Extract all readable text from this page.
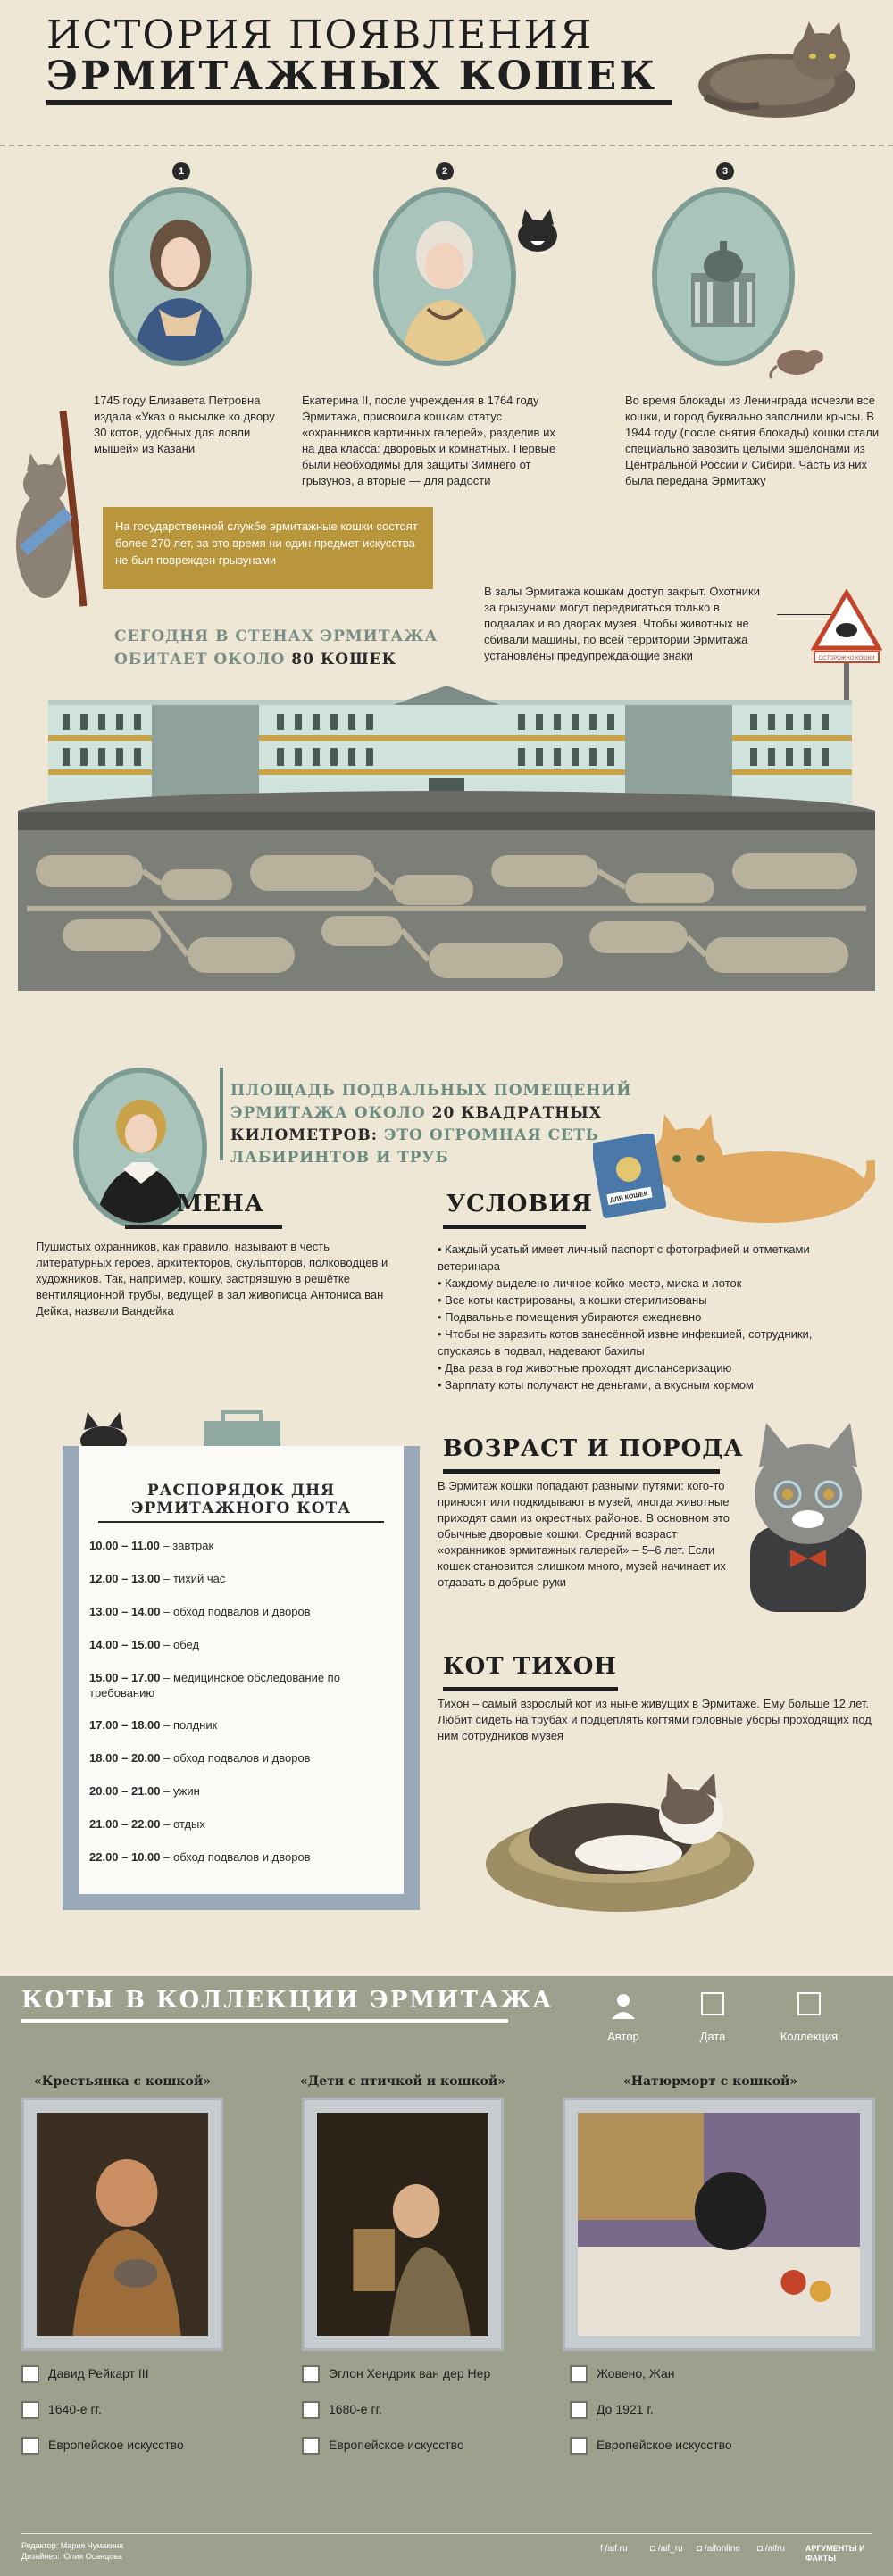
ИСТОРИЯ ПОЯВЛЕНИЯ
ЭРМИТАЖНЫХ КОШЕК
1	2	3
1745 году Елизавета Петровна издала «Указ о высылке ко двору 30 котов, удобных для ловли мышей» из Казани
Екатерина II, после учреждения в 1764 году Эрмитажа, присвоила кошкам статус «охранников картинных галерей», разделив их на два класса: дворовых и комнатных. Первые были необходимы для защиты Зимнего от грызунов, а вторые — для радости
Во время блокады из Ленинграда исчезли все кошки, и город буквально заполнили крысы. В 1944 году (после снятия блокады) кошки стали специально завозить целыми эшелонами из Центральной России и Сибири. Часть из них была передана Эрмитажу
На государственной службе эрмитажные кошки состоят более 270 лет, за это время ни один предмет искусства не был поврежден грызунами
СЕГОДНЯ В СТЕНАХ ЭРМИТАЖА
ОБИТАЕТ ОКОЛО 80 КОШЕК
В залы Эрмитажа кошкам доступ закрыт. Охотники за грызунами могут передвигаться только в подвалах и во дворах музея. Чтобы животных не сбивали машины, по всей территории Эрмитажа установлены предупреждающие знаки	ОСТОРОЖНО КОШКИ
ПЛОЩАДЬ ПОДВАЛЬНЫХ ПОМЕЩЕНИЙ
ЭРМИТАЖА ОКОЛО 20 КВАДРАТНЫХ
КИЛОМЕТРОВ: ЭТО ОГРОМНАЯ СЕТЬ
ЛАБИРИНТОВ И ТРУБ
ДЛЯ КОШЕК
ИМЕНА
Пушистых охранников, как правило, называют в честь литературных героев, архитекторов, скульпторов, полководцев и художников. Так, например, кошку, застрявшую в решётке вентиляционной трубы, ведущей в зал живописца Антониса ван Дейка, назвали Вандейка
УСЛОВИЯ
• Каждый усатый имеет личный паспорт с фотографией и отметками ветеринара
• Каждому выделено личное койко-место, миска и лоток
• Все коты кастрированы, а кошки стерилизованы
• Подвальные помещения убираются ежедневно
• Чтобы не заразить котов занесённой извне инфекцией, сотрудники, спускаясь в подвал, надевают бахилы
• Два раза в год животные проходят диспансеризацию
• Зарплату коты получают не деньгами, а вкусным кормом
РАСПОРЯДОК ДНЯ
ЭРМИТАЖНОГО КОТА
10.00 – 11.00 – завтрак
12.00 – 13.00 – тихий час
13.00 – 14.00 – обход подвалов и дворов
14.00 – 15.00 – обед
15.00 – 17.00 – медицинское обследование по требованию
17.00 – 18.00 – полдник
18.00 – 20.00 – обход подвалов и дворов
20.00 – 21.00 – ужин
21.00 – 22.00 – отдых
22.00 – 10.00 – обход подвалов и дворов
ВОЗРАСТ И ПОРОДА
В Эрмитаж кошки попадают разными путями: кого-то приносят или подкидывают в музей, иногда животные приходят сами из окрестных районов. В основном это обычные дворовые кошки. Средний возраст «охранников эрмитажных галерей» – 5–6 лет. Если кошек становится слишком много, музей начинает их отдавать в добрые руки
КОТ ТИХОН
Тихон – самый взрослый кот из ныне живущих в Эрмитаже. Ему больше 12 лет. Любит сидеть на трубах и подцеплять когтями головные уборы проходящих под ним сотрудников музея
КОТЫ В КОЛЛЕКЦИИ ЭРМИТАЖА
Автор	Дата	Коллекция
«Крестьянка с кошкой»
Давид Рейкарт III
1640-е гг.
Европейское искусство
«Дети с птичкой и кошкой»
Эглон Хендрик ван дер Нер
1680-е гг.
Европейское искусство
«Натюрморт с кошкой»
Жовено, Жан
До 1921 г.
Европейское искусство
Редактор: Мария Чумакина
Дизайнер: Юлия Осанцова
f /aif.ru	◘ /aif_ru ◘ /aifonline ◘ /aifru	АРГУМЕНТЫ И ФАКТЫ
